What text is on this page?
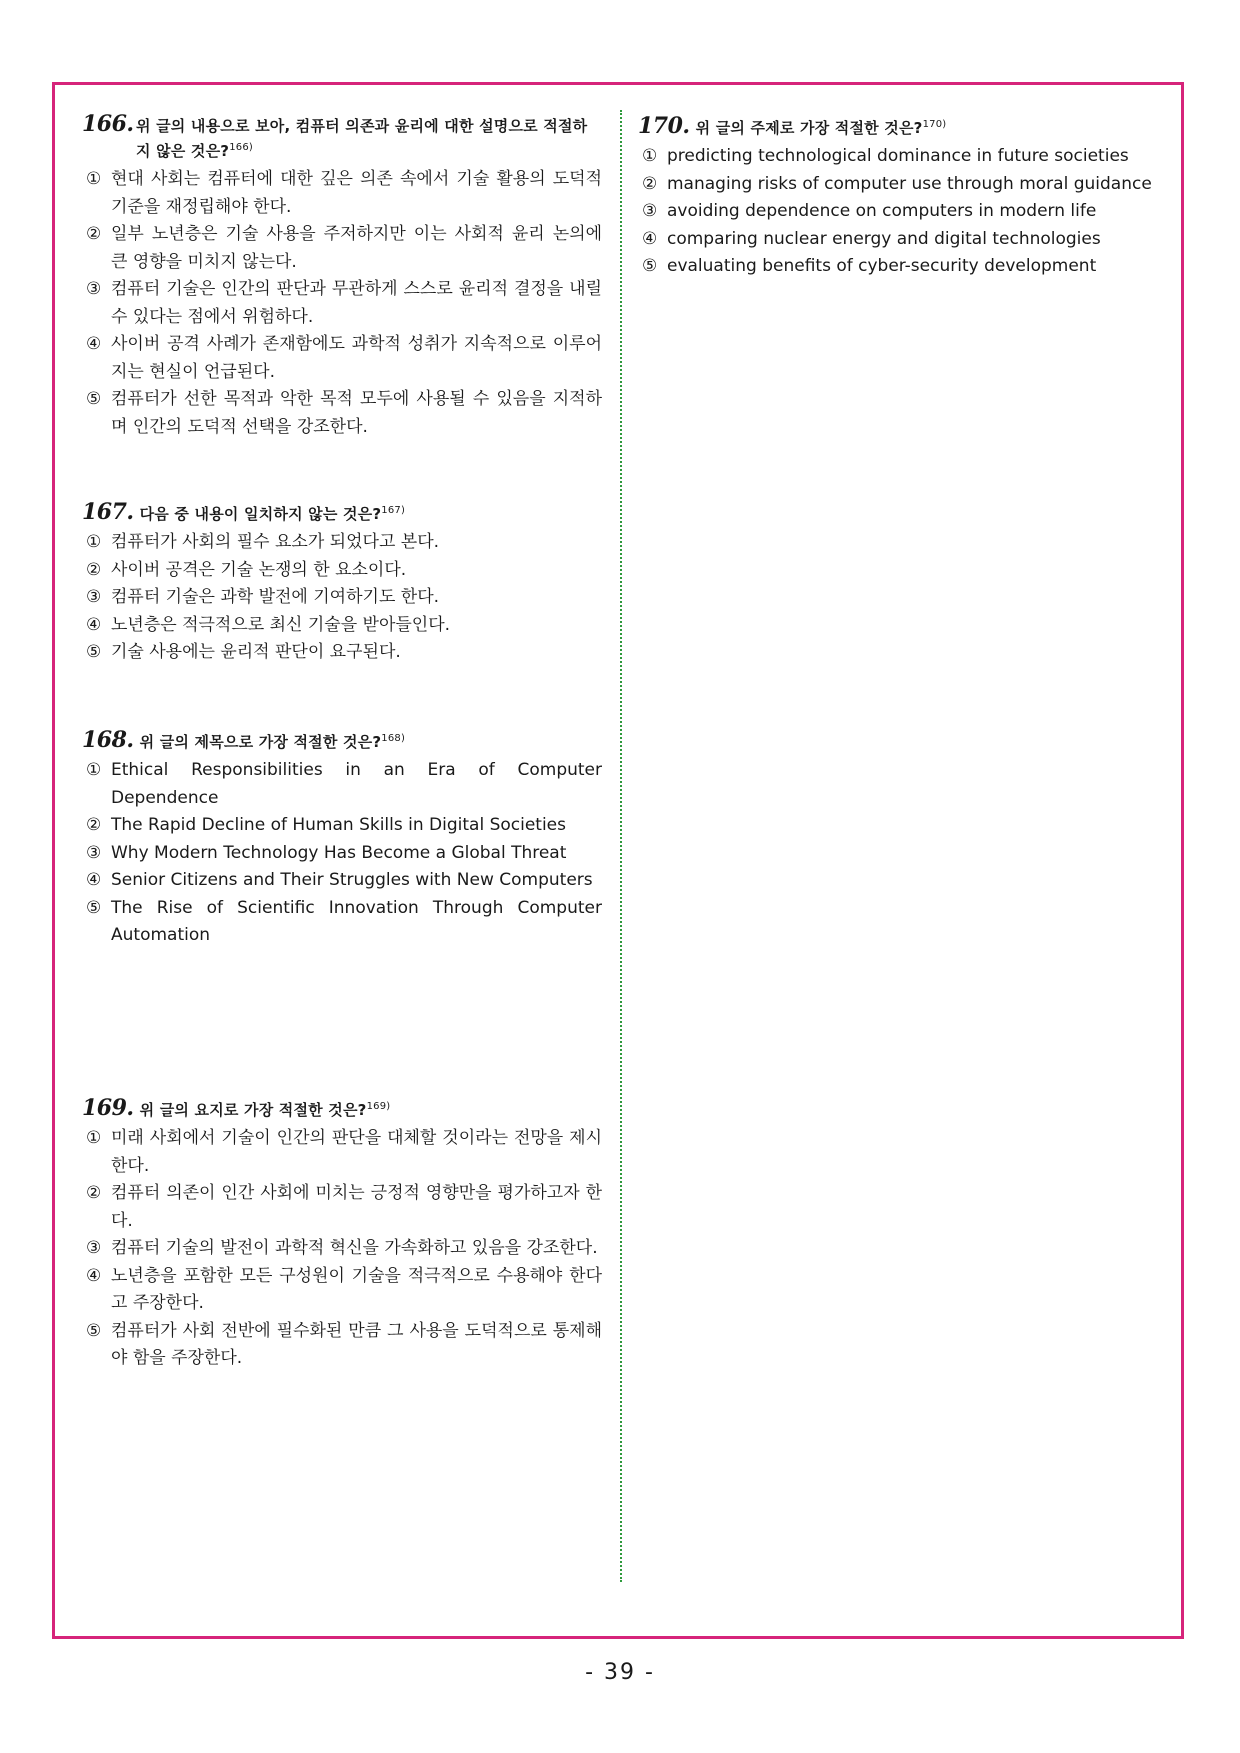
166. 위 글의 내용으로 보아, 컴퓨터 의존과 윤리에 대한 설명으로 적절하지 않은 것은?$^{166)}$
① 현대 사회는 컴퓨터에 대한 깊은 의존 속에서 기술 활용의 도덕적 기준을 재정립해야 한다.
② 일부 노년층은 기술 사용을 주저하지만 이는 사회적 윤리 논의에 큰 영향을 미치지 않는다.
③ 컴퓨터 기술은 인간의 판단과 무관하게 스스로 윤리적 결정을 내릴 수 있다는 점에서 위험하다.
④ 사이버 공격 사례가 존재함에도 과학적 성취가 지속적으로 이루어지는 현실이 언급된다.
⑤ 컴퓨터가 선한 목적과 악한 목적 모두에 사용될 수 있음을 지적하며 인간의 도덕적 선택을 강조한다.
167. 다음 중 내용이 일치하지 않는 것은?$^{167)}$
① 컴퓨터가 사회의 필수 요소가 되었다고 본다.
② 사이버 공격은 기술 논쟁의 한 요소이다.
③ 컴퓨터 기술은 과학 발전에 기여하기도 한다.
④ 노년층은 적극적으로 최신 기술을 받아들인다.
⑤ 기술 사용에는 윤리적 판단이 요구된다.
168. 위 글의 제목으로 가장 적절한 것은?$^{168)}$
① Ethical Responsibilities in an Era of Computer Dependence
② The Rapid Decline of Human Skills in Digital Societies
③ Why Modern Technology Has Become a Global Threat
④ Senior Citizens and Their Struggles with New Computers
⑤ The Rise of Scientific Innovation Through Computer Automation
169. 위 글의 요지로 가장 적절한 것은?$^{169)}$
① 미래 사회에서 기술이 인간의 판단을 대체할 것이라는 전망을 제시한다.
② 컴퓨터 의존이 인간 사회에 미치는 긍정적 영향만을 평가하고자 한다.
③ 컴퓨터 기술의 발전이 과학적 혁신을 가속화하고 있음을 강조한다.
④ 노년층을 포함한 모든 구성원이 기술을 적극적으로 수용해야 한다고 주장한다.
⑤ 컴퓨터가 사회 전반에 필수화된 만큼 그 사용을 도덕적으로 통제해야 함을 주장한다.
170. 위 글의 주제로 가장 적절한 것은?$^{170)}$
① predicting technological dominance in future societies
② managing risks of computer use through moral guidance
③ avoiding dependence on computers in modern life
④ comparing nuclear energy and digital technologies
⑤ evaluating benefits of cyber-security development
- 39 -
